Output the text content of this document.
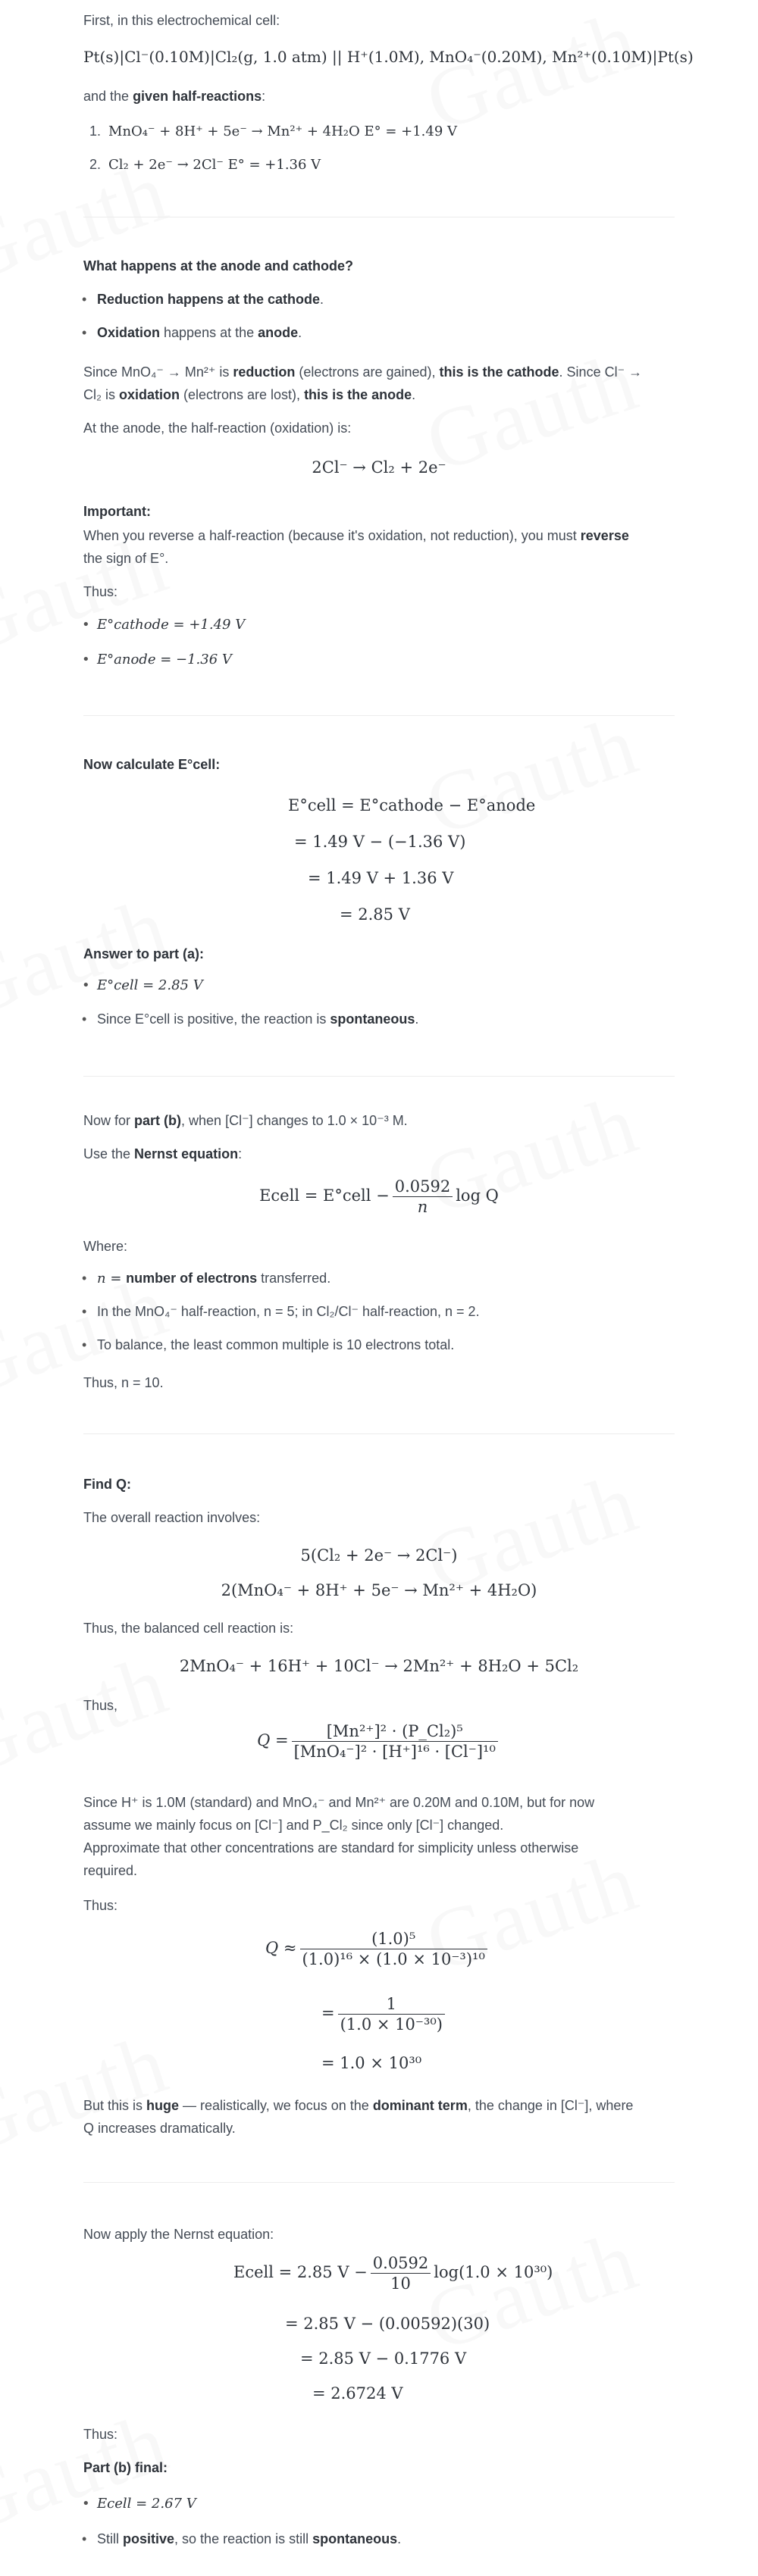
First, in this electrochemical cell:
Pt(s)|Cl⁻(0.10M)|Cl₂(g, 1.0 atm) || H⁺(1.0M), MnO₄⁻(0.20M), Mn²⁺(0.10M)|Pt(s)
and the given half-reactions:
1. MnO₄⁻ + 8H⁺ + 5e⁻ → Mn²⁺ + 4H₂O E° = +1.49 V
2. Cl₂ + 2e⁻ → 2Cl⁻ E° = +1.36 V
What happens at the anode and cathode?
• Reduction happens at the cathode.
• Oxidation happens at the anode.
Since MnO₄⁻ → Mn²⁺ is reduction (electrons are gained), this is the cathode. Since Cl⁻ →
Cl₂ is oxidation (electrons are lost), this is the anode.
At the anode, the half-reaction (oxidation) is:
2Cl⁻ → Cl₂ + 2e⁻
Important:
When you reverse a half-reaction (because it's oxidation, not reduction), you must reverse
the sign of E°.
Thus:
• E°cathode = +1.49 V
• E°anode = −1.36 V
Now calculate E°cell:
E°cell = E°cathode − E°anode
= 1.49 V − (−1.36 V)
= 1.49 V + 1.36 V
= 2.85 V
Answer to part (a):
• E°cell = 2.85 V
• Since E°cell is positive, the reaction is spontaneous.
Now for part (b), when [Cl⁻] changes to 1.0 × 10⁻³ M.
Use the Nernst equation:
Ecell = E°cell − $\frac{0.0592}{n}$ log Q
Where:
• n = number of electrons transferred.
• In the MnO₄⁻ half-reaction, n = 5; in Cl₂/Cl⁻ half-reaction, n = 2.
• To balance, the least common multiple is 10 electrons total.
Thus, n = 10.
Find Q:
The overall reaction involves:
5(Cl₂ + 2e⁻ → 2Cl⁻)
2(MnO₄⁻ + 8H⁺ + 5e⁻ → Mn²⁺ + 4H₂O)
Thus, the balanced cell reaction is:
2MnO₄⁻ + 16H⁺ + 10Cl⁻ → 2Mn²⁺ + 8H₂O + 5Cl₂
Thus,
$Q = \frac{\text{[Mn²⁺]² · (P\_Cl₂)⁵}}{\text{[MnO₄⁻]² · [H⁺]¹⁶ · [Cl⁻]¹⁰}}$
Since H⁺ is 1.0M (standard) and MnO₄⁻ and Mn²⁺ are 0.20M and 0.10M, but for now
assume we mainly focus on [Cl⁻] and P_Cl₂ since only [Cl⁻] changed.
Approximate that other concentrations are standard for simplicity unless otherwise
required.
Thus:
$Q \approx \frac{\text{(1.0)⁵}}{\text{(1.0)¹⁶ × (1.0 × 10⁻³)¹⁰}}$
= $\frac{1}{\text{(1.0 × 10⁻³⁰)}}$
= 1.0 × 10³⁰
But this is huge — realistically, we focus on the dominant term, the change in [Cl⁻], where
Q increases dramatically.
Now apply the Nernst equation:
Ecell = 2.85 $V - \frac{0.0592}{10} \log(1.0 \times 10^{30})$
= 2.85 V − (0.00592)(30)
= 2.85 V − 0.1776 V
= 2.6724 V
Thus:
Part (b) final:
• Ecell = 2.67 V
• Still positive, so the reaction is still spontaneous.
